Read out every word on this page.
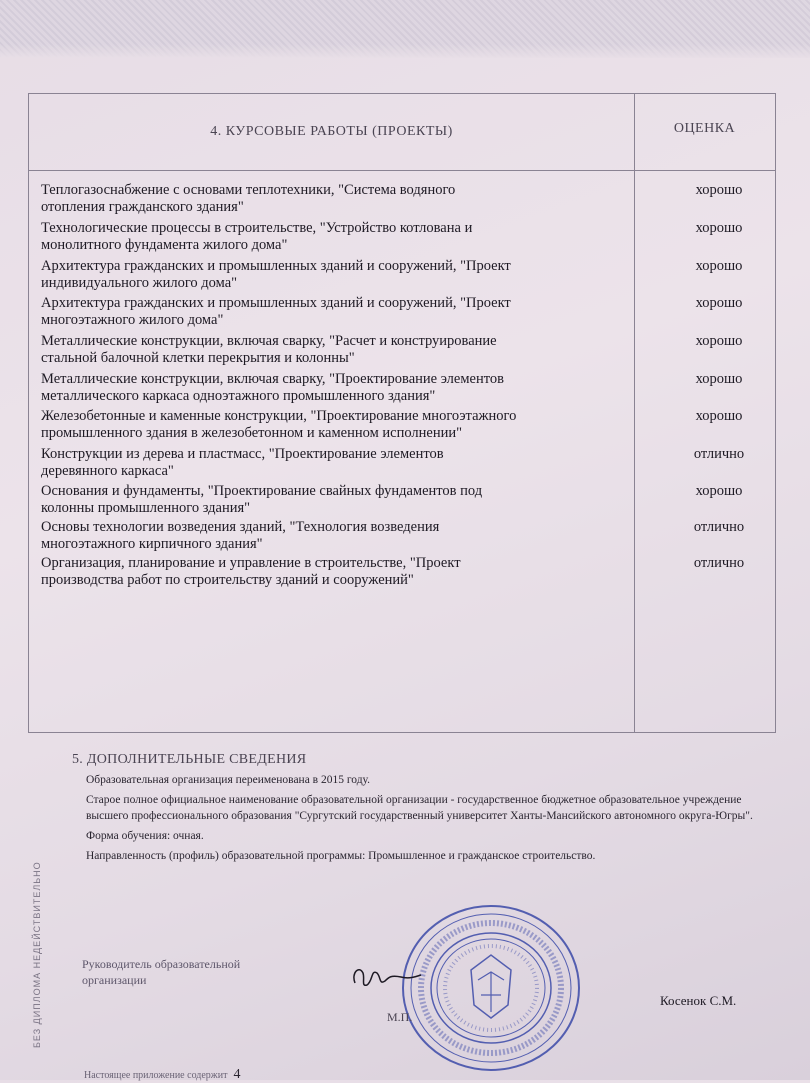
4. КУРСОВЫЕ РАБОТЫ (ПРОЕКТЫ)	ОЦЕНКА
Теплогазоснабжение с основами теплотехники, "Система водяного
отопления гражданского здания"
хорошо
Технологические процессы в строительстве, "Устройство котлована и
монолитного фундамента жилого дома"
хорошо
Архитектура гражданских и промышленных зданий и сооружений, "Проект
индивидуального жилого дома"
хорошо
Архитектура гражданских и промышленных зданий и сооружений, "Проект
многоэтажного жилого дома"
хорошо
Металлические конструкции, включая сварку, "Расчет и конструирование
стальной балочной клетки перекрытия и колонны"
хорошо
Металлические конструкции, включая сварку, "Проектирование элементов
металлического каркаса одноэтажного промышленного здания"
хорошо
Железобетонные и каменные конструкции, "Проектирование многоэтажного
промышленного здания в железобетонном и каменном исполнении"
хорошо
Конструкции из дерева и пластмасс, "Проектирование элементов
деревянного каркаса"
отлично
Основания и фундаменты, "Проектирование свайных фундаментов под
колонны промышленного здания"
хорошо
Основы технологии возведения зданий, "Технология возведения
многоэтажного кирпичного здания"
отлично
Организация, планирование и управление в строительстве, "Проект
производства работ по строительству зданий и сооружений"
отлично
5. ДОПОЛНИТЕЛЬНЫЕ СВЕДЕНИЯ

Образовательная организация переименована в 2015 году.

Старое полное официальное наименование образовательной организации - государственное бюджетное образовательное учреждение высшего профессионального образования "Сургутский государственный университет Ханты-Мансийского автономного округа-Югры".

Форма обучения: очная.

Направленность (профиль) образовательной программы: Промышленное и гражданское строительство.

БЕЗ ДИПЛОМА НЕДЕЙСТВИТЕЛЬНО	Руководитель образовательной организации
М.П.
Косенок С.М.
Настоящее приложение содержит 4
